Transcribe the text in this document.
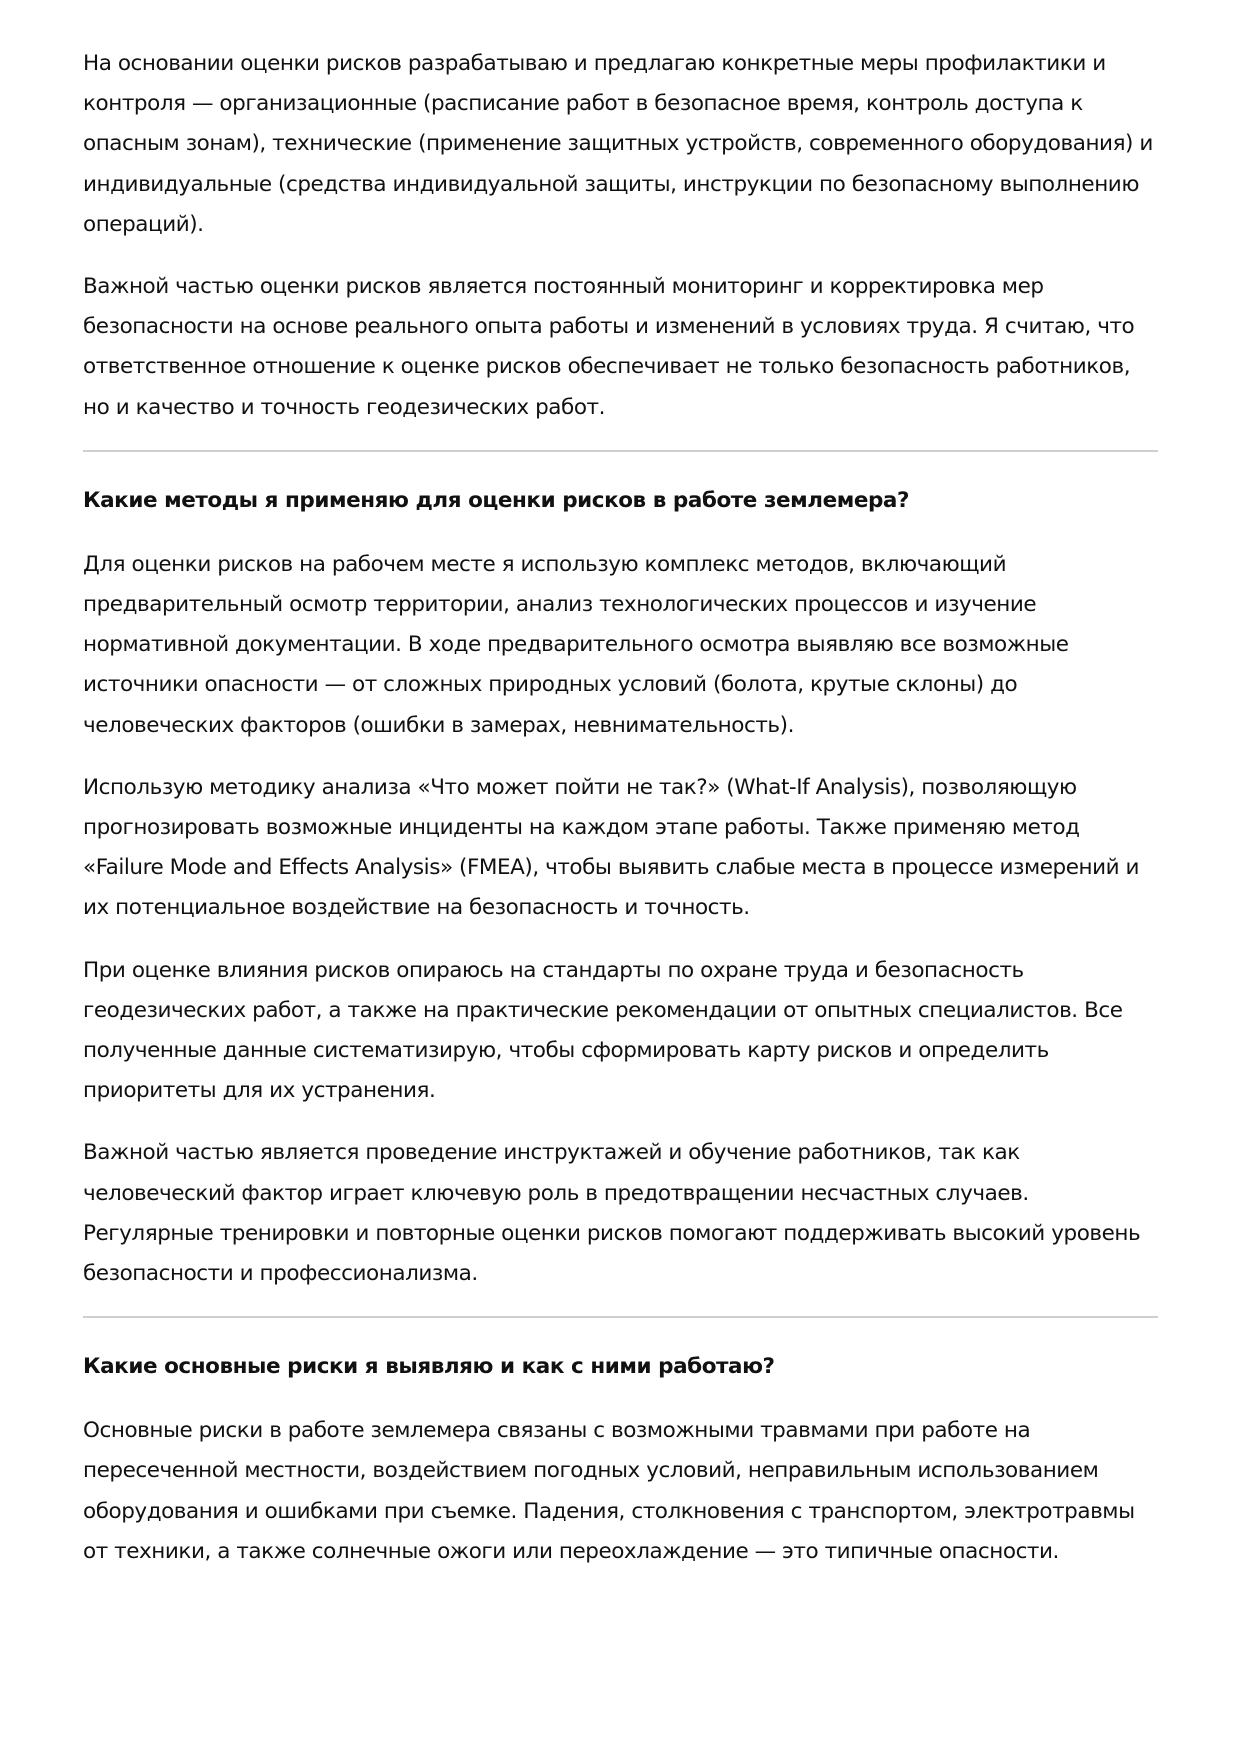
На основании оценки рисков разрабатываю и предлагаю конкретные меры профилактики и контроля — организационные (расписание работ в безопасное время, контроль доступа к опасным зонам), технические (применение защитных устройств, современного оборудования) и индивидуальные (средства индивидуальной защиты, инструкции по безопасному выполнению операций).

Важной частью оценки рисков является постоянный мониторинг и корректировка мер безопасности на основе реального опыта работы и изменений в условиях труда. Я считаю, что ответственное отношение к оценке рисков обеспечивает не только безопасность работников, но и качество и точность геодезических работ.

Какие методы я применяю для оценки рисков в работе землемера?

Для оценки рисков на рабочем месте я использую комплекс методов, включающий предварительный осмотр территории, анализ технологических процессов и изучение нормативной документации. В ходе предварительного осмотра выявляю все возможные источники опасности — от сложных природных условий (болота, крутые склоны) до человеческих факторов (ошибки в замерах, невнимательность).

Использую методику анализа «Что может пойти не так?» (What-If Analysis), позволяющую прогнозировать возможные инциденты на каждом этапе работы. Также применяю метод «Failure Mode and Effects Analysis» (FMEA), чтобы выявить слабые места в процессе измерений и их потенциальное воздействие на безопасность и точность.

При оценке влияния рисков опираюсь на стандарты по охране труда и безопасность геодезических работ, а также на практические рекомендации от опытных специалистов. Все полученные данные систематизирую, чтобы сформировать карту рисков и определить приоритеты для их устранения.

Важной частью является проведение инструктажей и обучение работников, так как человеческий фактор играет ключевую роль в предотвращении несчастных случаев. Регулярные тренировки и повторные оценки рисков помогают поддерживать высокий уровень безопасности и профессионализма.

Какие основные риски я выявляю и как с ними работаю?

Основные риски в работе землемера связаны с возможными травмами при работе на пересеченной местности, воздействием погодных условий, неправильным использованием оборудования и ошибками при съемке. Падения, столкновения с транспортом, электротравмы от техники, а также солнечные ожоги или переохлаждение — это типичные опасности.
